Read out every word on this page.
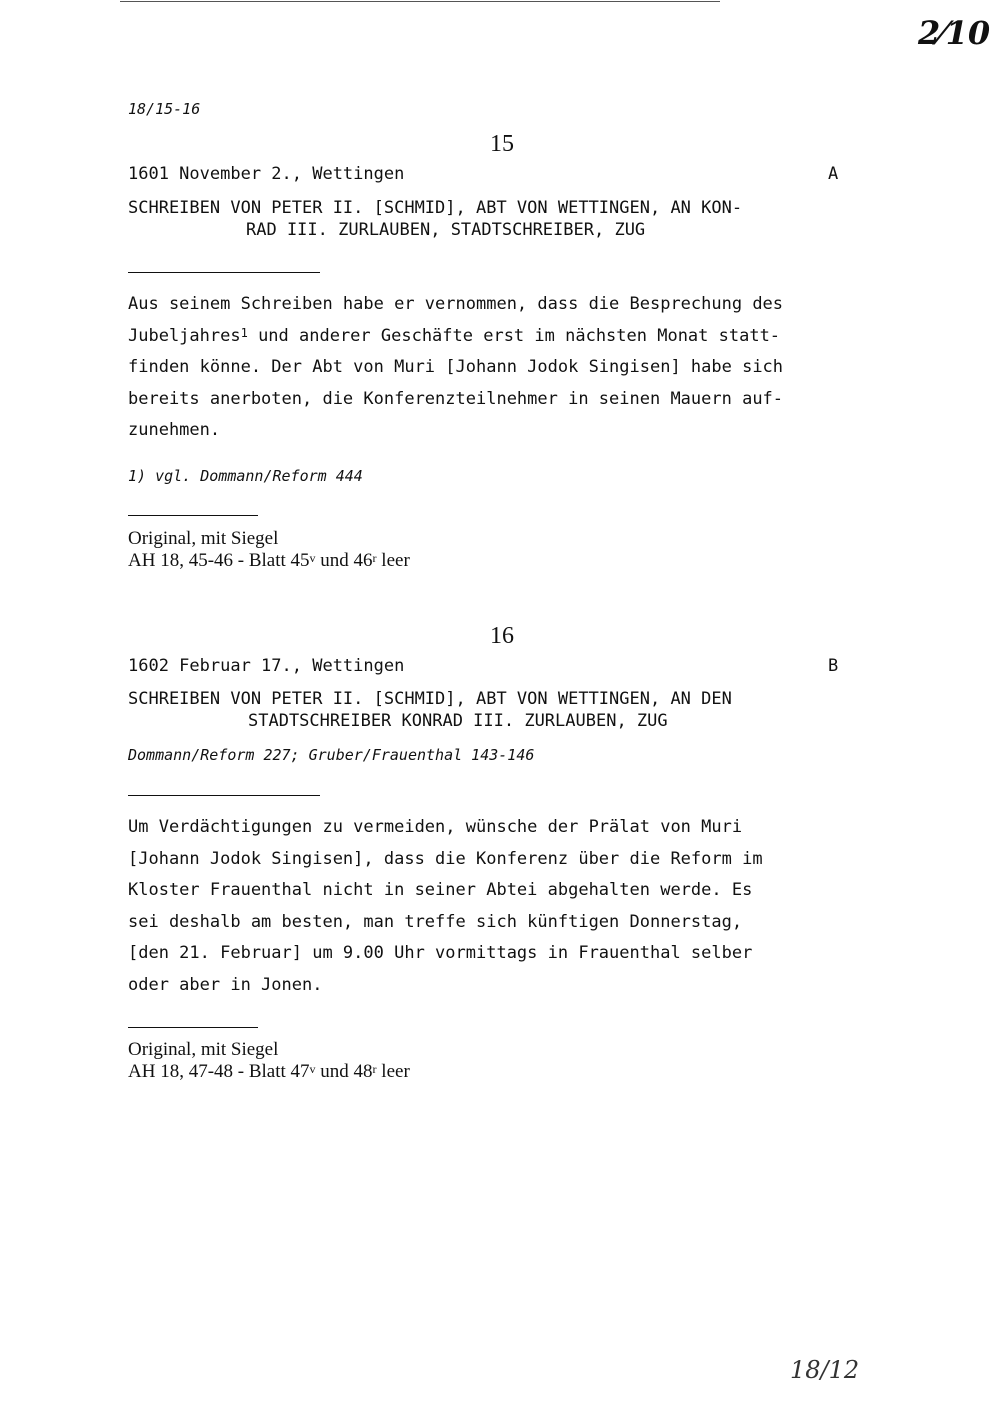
2⁄10
18/15-16
15
1601 November 2., Wettingen	A
SCHREIBEN VON PETER II. [SCHMID], ABT VON WETTINGEN, AN KON-
RAD III. ZURLAUBEN, STADTSCHREIBER, ZUG
Aus seinem Schreiben habe er vernommen, dass die Besprechung des
Jubeljahres$^1$ und anderer Geschäfte erst im nächsten Monat statt-
finden könne. Der Abt von Muri [Johann Jodok Singisen] habe sich
bereits anerboten, die Konferenzteilnehmer in seinen Mauern auf-
zunehmen.
1) vgl. Dommann/Reform 444
Original, mit Siegel
AH 18, 45-46 - Blatt 45$^v$ und 46$^r$ leer
16
1602 Februar 17., Wettingen	B
SCHREIBEN VON PETER II. [SCHMID], ABT VON WETTINGEN, AN DEN
STADTSCHREIBER KONRAD III. ZURLAUBEN, ZUG
Dommann/Reform 227; Gruber/Frauenthal 143-146
Um Verdächtigungen zu vermeiden, wünsche der Prälat von Muri
[Johann Jodok Singisen], dass die Konferenz über die Reform im
Kloster Frauenthal nicht in seiner Abtei abgehalten werde. Es
sei deshalb am besten, man treffe sich künftigen Donnerstag,
[den 21. Februar] um 9.00 Uhr vormittags in Frauenthal selber
oder aber in Jonen.
Original, mit Siegel
AH 18, 47-48 - Blatt 47$^v$ und 48$^r$ leer
18/12
